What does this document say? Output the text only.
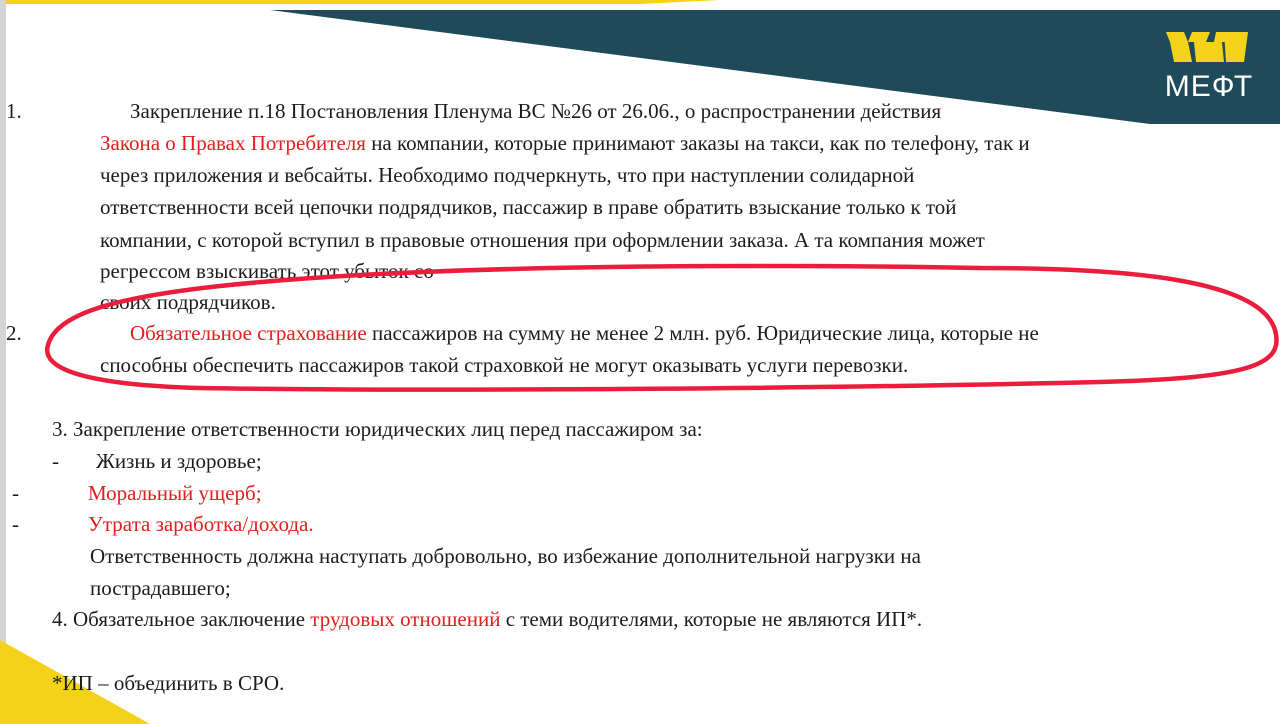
МЕФТ
1.	Закрепление п.18 Постановления Пленума ВС №26 от 26.06., о распространении действия
Закона о Правах Потребителя на компании, которые принимают заказы на такси, как по телефону, так и
через приложения и вебсайты. Необходимо подчеркнуть, что при наступлении солидарной
ответственности всей цепочки подрядчиков, пассажир в праве обратить взыскание только к той
компании, с которой вступил в правовые отношения при оформлении заказа. А та компания может
регрессом взыскивать этот убыток со
своих подрядчиков.
2.	Обязательное страхование пассажиров на сумму не менее 2 млн. руб. Юридические лица, которые не
способны обеспечить пассажиров такой страховкой не могут оказывать услуги перевозки.
3. Закрепление ответственности юридических лиц перед пассажиром за:
- Жизнь и здоровье;
-	Моральный ущерб;
-	Утрата заработка/дохода.
Ответственность должна наступать добровольно, во избежание дополнительной нагрузки на
пострадавшего;
4. Обязательное заключение трудовых отношений с теми водителями, которые не являются ИП*.
*ИП – объединить в СРО.
